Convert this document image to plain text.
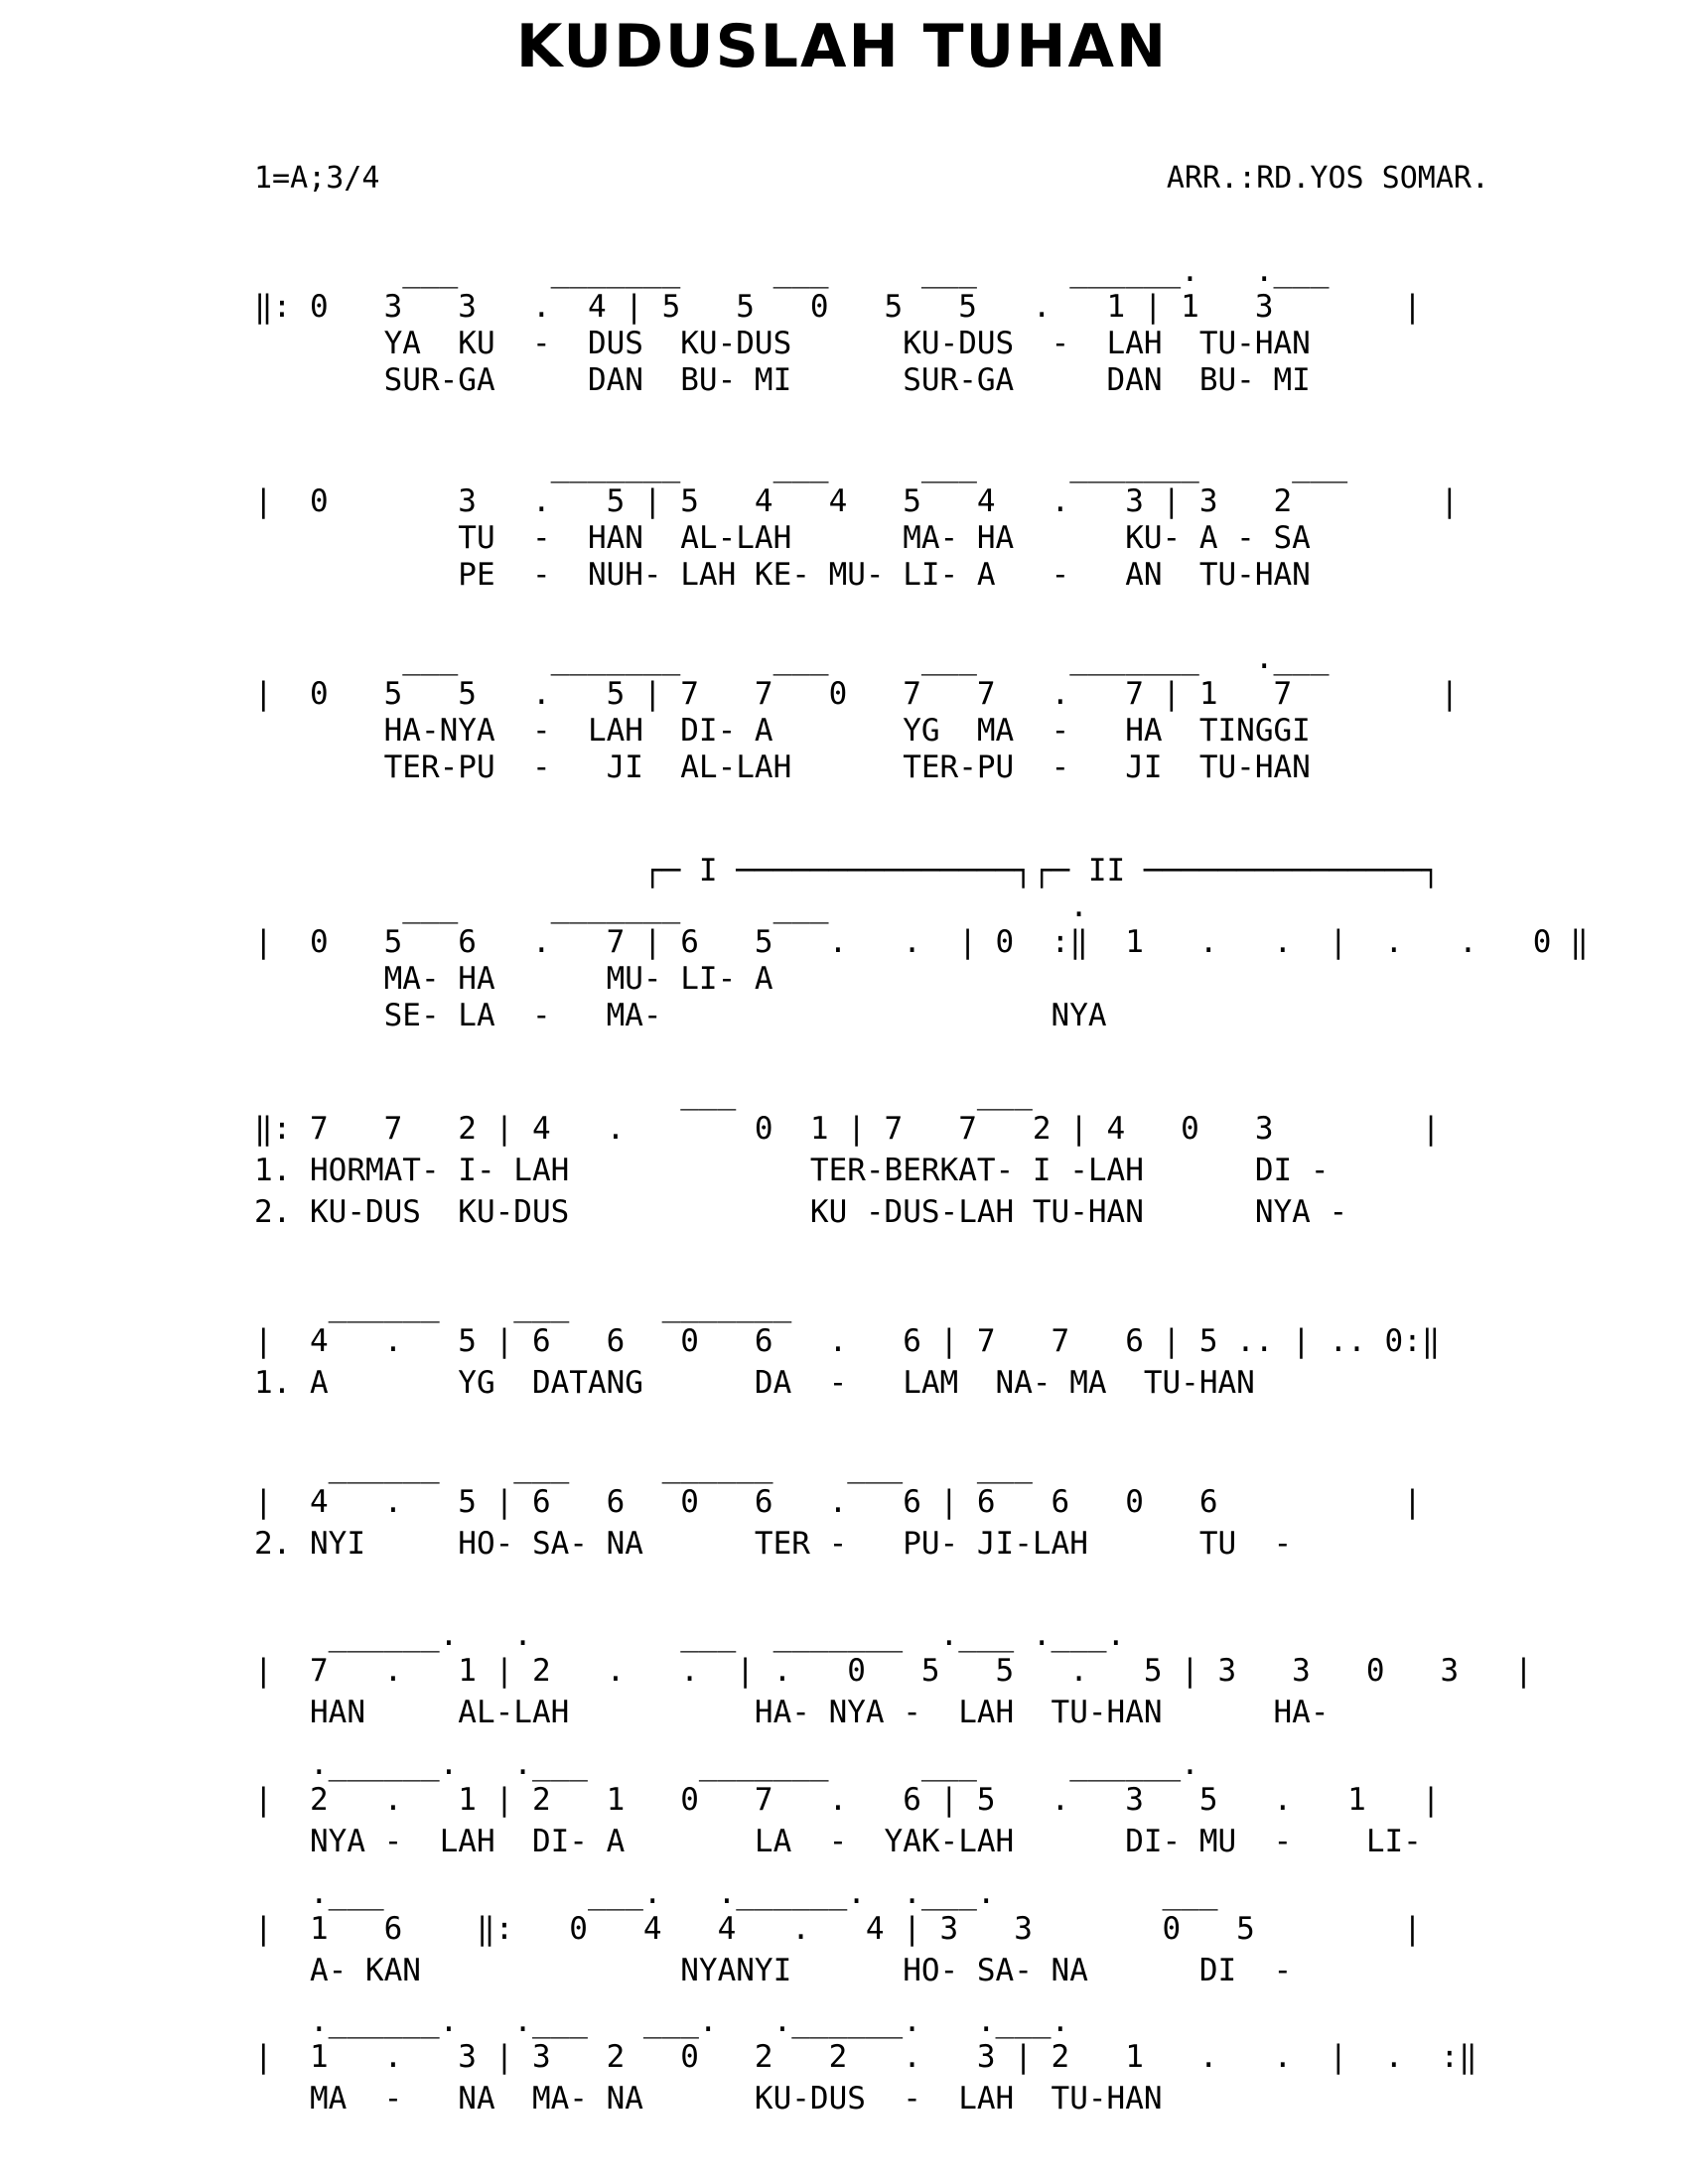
KUDUSLAH TUHAN
1=A;3/4	ARR.:RD.YOS SOMAR.
___     _______     ___     ___     ______.   .___
‖: 0   3   3   .  4 | 5   5   0   5   5   .   1 | 1   3       |
YA  KU  -  DUS  KU-DUS      KU-DUS  -  LAH  TU-HAN
SUR-GA     DAN  BU- MI      SUR-GA     DAN  BU- MI
_______     ___     ___     _______     ___
|  0       3   .   5 | 5   4   4   5   4   .   3 | 3   2        |
TU  -  HAN  AL-LAH      MA- HA      KU- A - SA
PE  -  NUH- LAH KE- MU- LI- A   -   AN  TU-HAN
___     _______     ___     ___     _______   .___
|  0   5   5   .   5 | 7   7   0   7   7   .   7 | 1   7        |
HA-NYA  -  LAH  DI- A       YG  MA  -   HA  TINGGI
TER-PU  -   JI  AL-LAH      TER-PU  -   JI  TU-HAN
┌─ I ───────────────┐┌─ II ───────────────┐
___     _______     ___             .
|  0   5   6   .   7 | 6   5   .   .  | 0  :‖  1   .   .  |  .   .   0 ‖
MA- HA      MU- LI- A
SE- LA  -   MA-                     NYA
___             ___
‖: 7   7   2 | 4   .       0  1 | 7   7   2 | 4   0   3        |
1. HORMAT- I- LAH             TER-BERKAT- I -LAH      DI -
2. KU-DUS  KU-DUS             KU -DUS-LAH TU-HAN      NYA -
______    ___     _______
|  4   .   5 | 6   6   0   6   .   6 | 7   7   6 | 5 .. | .. 0:‖
1. A       YG  DATANG      DA  -   LAM  NA- MA  TU-HAN
______    ___     ______    ___    ___
|  4   .   5 | 6   6   0   6   .   6 | 6   6   0   6          |
2. NYI     HO- SA- NA      TER -   PU- JI-LAH      TU  -
______.   .        ___  _______  .___ .___.
|  7   .   1 | 2   .   .  | .   0   5   5   .   5 | 3   3   0   3   |
HAN     AL-LAH          HA- NYA -  LAH  TU-HAN      HA-
.______.   .___      _______     ___     ______.
|  2   .   1 | 2   1   0   7   .   6 | 5   .   3   5   .   1   |
NYA -  LAH  DI- A       LA  -  YAK-LAH      DI- MU  -    LI-
.___           ___.   .______.  .___.         ___
|  1   6    ‖:   0   4   4   .   4 | 3   3       0   5        |
A- KAN              NYANYI      HO- SA- NA      DI  -
.______.   .___   ___.   .______.   .___.
|  1   .   3 | 3   2   0   2   2   .   3 | 2   1   .   .  |  .  :‖
MA  -   NA  MA- NA      KU-DUS  -  LAH  TU-HAN
